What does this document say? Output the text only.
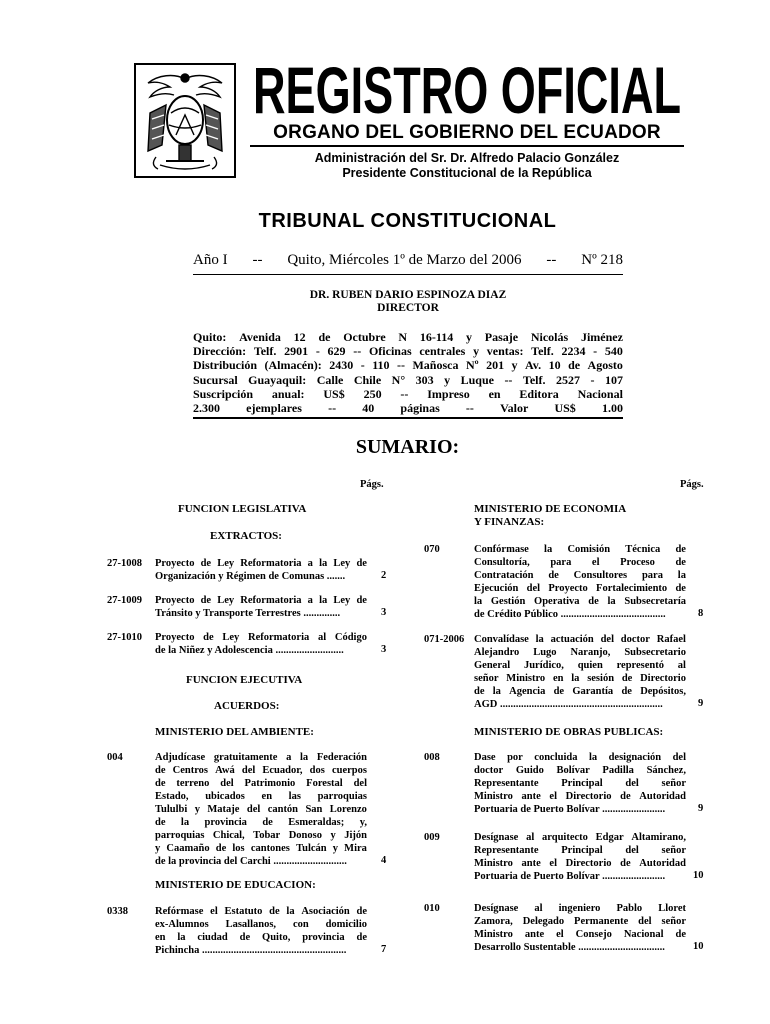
REGISTRO OFICIAL
ORGANO DEL GOBIERNO DEL ECUADOR
Administración del Sr. Dr. Alfredo Palacio González
Presidente Constitucional de la República
TRIBUNAL CONSTITUCIONAL
Año I -- Quito, Miércoles 1º de Marzo del 2006 -- Nº 218
DR. RUBEN DARIO ESPINOZA DIAZ
DIRECTOR
Quito: Avenida 12 de Octubre N 16-114 y Pasaje Nicolás Jiménez
Dirección: Telf. 2901 - 629 -- Oficinas centrales y ventas: Telf. 2234 - 540
Distribución (Almacén): 2430 - 110 -- Mañosca Nº 201 y Av. 10 de Agosto
Sucursal Guayaquil: Calle Chile N° 303 y Luque -- Telf. 2527 - 107
Suscripción anual: US$ 250 -- Impreso en Editora Nacional
2.300 ejemplares -- 40 páginas -- Valor US$ 1.00
SUMARIO:
Págs.	Págs.
FUNCION LEGISLATIVA
EXTRACTOS:
27-1008 Proyecto de Ley Reformatoria a la Ley de
Organización y Régimen de Comunas .......	2
27-1009 Proyecto de Ley Reformatoria a la Ley de
Tránsito y Transporte Terrestres ..............	3
27-1010 Proyecto de Ley Reformatoria al Código
de la Niñez y Adolescencia ..........................	3
FUNCION EJECUTIVA
ACUERDOS:
MINISTERIO DEL AMBIENTE:
004	Adjudícase gratuitamente a la Federación
de Centros Awá del Ecuador, dos cuerpos
de terreno del Patrimonio Forestal del
Estado, ubicados en las parroquias
Tululbi y Mataje del cantón San Lorenzo
de la provincia de Esmeraldas; y,
parroquias Chical, Tobar Donoso y Jijón
y Caamaño de los cantones Tulcán y Mira
de la provincia del Carchi ............................	4
MINISTERIO DE EDUCACION:
0338	Refórmase el Estatuto de la Asociación de
ex-Alumnos Lasallanos, con domicilio
en la ciudad de Quito, provincia de
Pichincha .......................................................	7
MINISTERIO DE ECONOMIA
Y FINANZAS:
070	Confórmase la Comisión Técnica de
Consultoría, para el Proceso de
Contratación de Consultores para la
Ejecución del Proyecto Fortalecimiento de
la Gestión Operativa de la Subsecretaría
de Crédito Público ........................................	8
071-2006 Convalídase la actuación del doctor Rafael
Alejandro Lugo Naranjo, Subsecretario
General Jurídico, quien representó al
señor Ministro en la sesión de Directorio
de la Agencia de Garantía de Depósitos,
AGD ..............................................................	9
MINISTERIO DE OBRAS PUBLICAS:
008	Dase por concluida la designación del
doctor Guido Bolívar Padilla Sánchez,
Representante Principal del señor
Ministro ante el Directorio de Autoridad
Portuaria de Puerto Bolívar ........................	9
009	Desígnase al arquitecto Edgar Altamirano,
Representante Principal del señor
Ministro ante el Directorio de Autoridad
Portuaria de Puerto Bolívar ........................	10
010	Desígnase al ingeniero Pablo Lloret
Zamora, Delegado Permanente del señor
Ministro ante el Consejo Nacional de
Desarrollo Sustentable .................................	10
